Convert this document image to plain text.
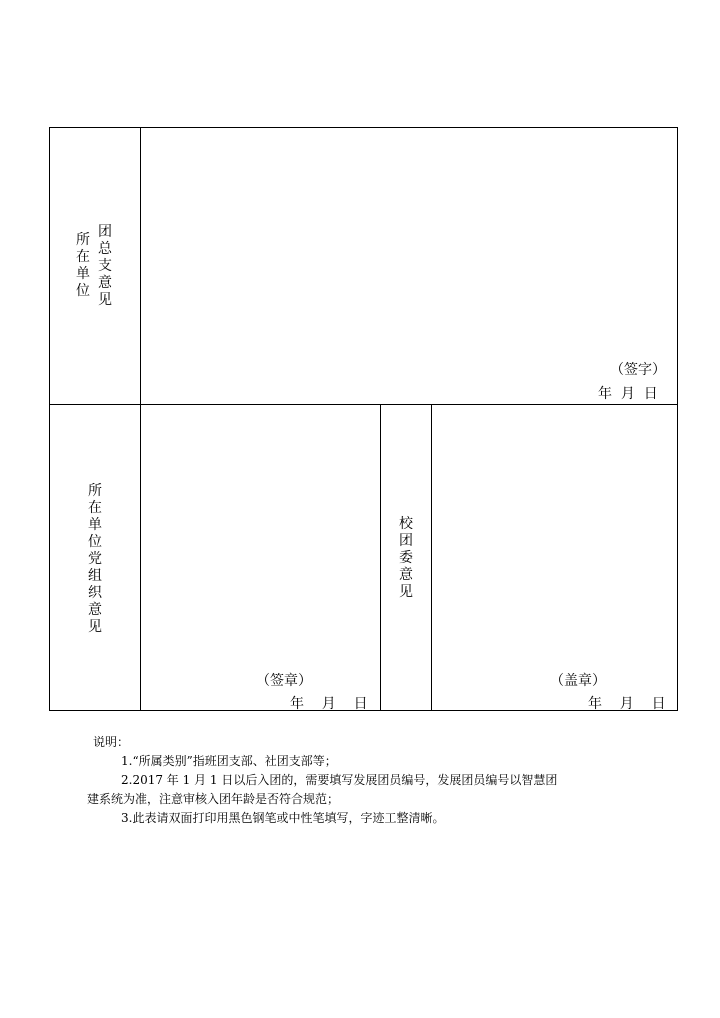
所
在
单
位
团
总
支
意
见
（签字）
年  月  日
所
在
单
位
党
组
织
意
见
（签章）
年    月    日
校
团
委
意
见
（盖章）
年    月    日

说明：

1.“所属类别”指班团支部、社团支部等；

2.2017 年 1 月 1 日以后入团的，需要填写发展团员编号，发展团员编号以智慧团

建系统为准，注意审核入团年龄是否符合规范；

3.此表请双面打印用黑色钢笔或中性笔填写，字迹工整清晰。
